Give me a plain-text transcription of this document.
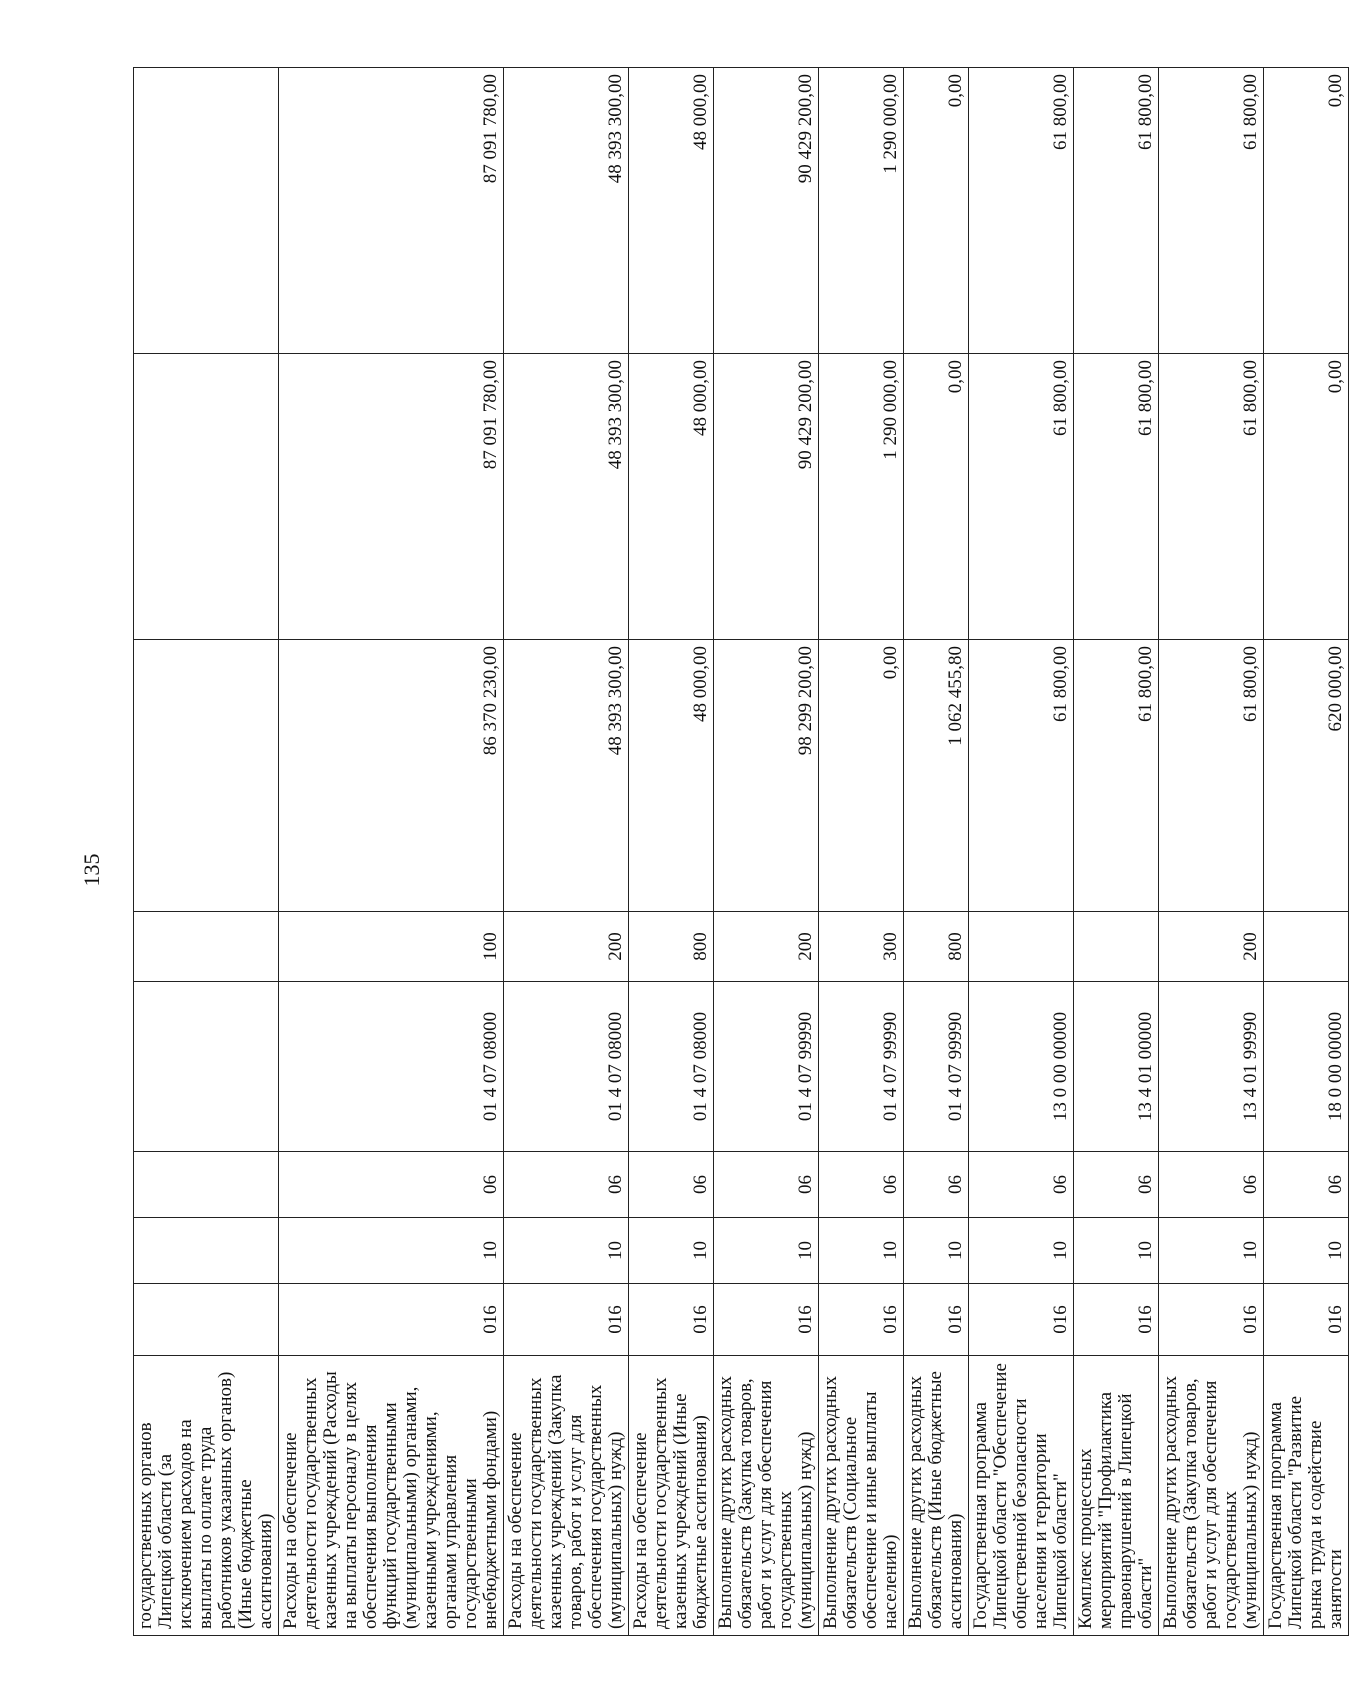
135
государственных органов Липецкой области (за исключением расходов на выплаты по оплате труда работников указанных органов) (Иные бюджетные ассигнования)								
Расходы на обеспечение деятельности государственных казенных учреждений (Расходы на выплаты персоналу в целях обеспечения выполнения функций государственными (муниципальными) органами, казенными учреждениями, органами управления государственными внебюджетными фондами)	016	10	06	01 4 07 08000	100	86 370 230,00	87 091 780,00	87 091 780,00
Расходы на обеспечение деятельности государственных казенных учреждений (Закупка товаров, работ и услуг для обеспечения государственных (муниципальных) нужд)	016	10	06	01 4 07 08000	200	48 393 300,00	48 393 300,00	48 393 300,00
Расходы на обеспечение деятельности государственных казенных учреждений (Иные бюджетные ассигнования)	016	10	06	01 4 07 08000	800	48 000,00	48 000,00	48 000,00
Выполнение других расходных обязательств (Закупка товаров, работ и услуг для обеспечения государственных (муниципальных) нужд)	016	10	06	01 4 07 99990	200	98 299 200,00	90 429 200,00	90 429 200,00
Выполнение других расходных обязательств (Социальное обеспечение и иные выплаты населению)	016	10	06	01 4 07 99990	300	0,00	1 290 000,00	1 290 000,00
Выполнение других расходных обязательств (Иные бюджетные ассигнования)	016	10	06	01 4 07 99990	800	1 062 455,80	0,00	0,00
Государственная программа Липецкой области "Обеспечение общественной безопасности населения и территории Липецкой области"	016	10	06	13 0 00 00000		61 800,00	61 800,00	61 800,00
Комплекс процессных мероприятий "Профилактика правонарушений в Липецкой области"	016	10	06	13 4 01 00000		61 800,00	61 800,00	61 800,00
Выполнение других расходных обязательств (Закупка товаров, работ и услуг для обеспечения государственных (муниципальных) нужд)	016	10	06	13 4 01 99990	200	61 800,00	61 800,00	61 800,00
Государственная программа Липецкой области "Развитие рынка труда и содействие занятости	016	10	06	18 0 00 00000		620 000,00	0,00	0,00
